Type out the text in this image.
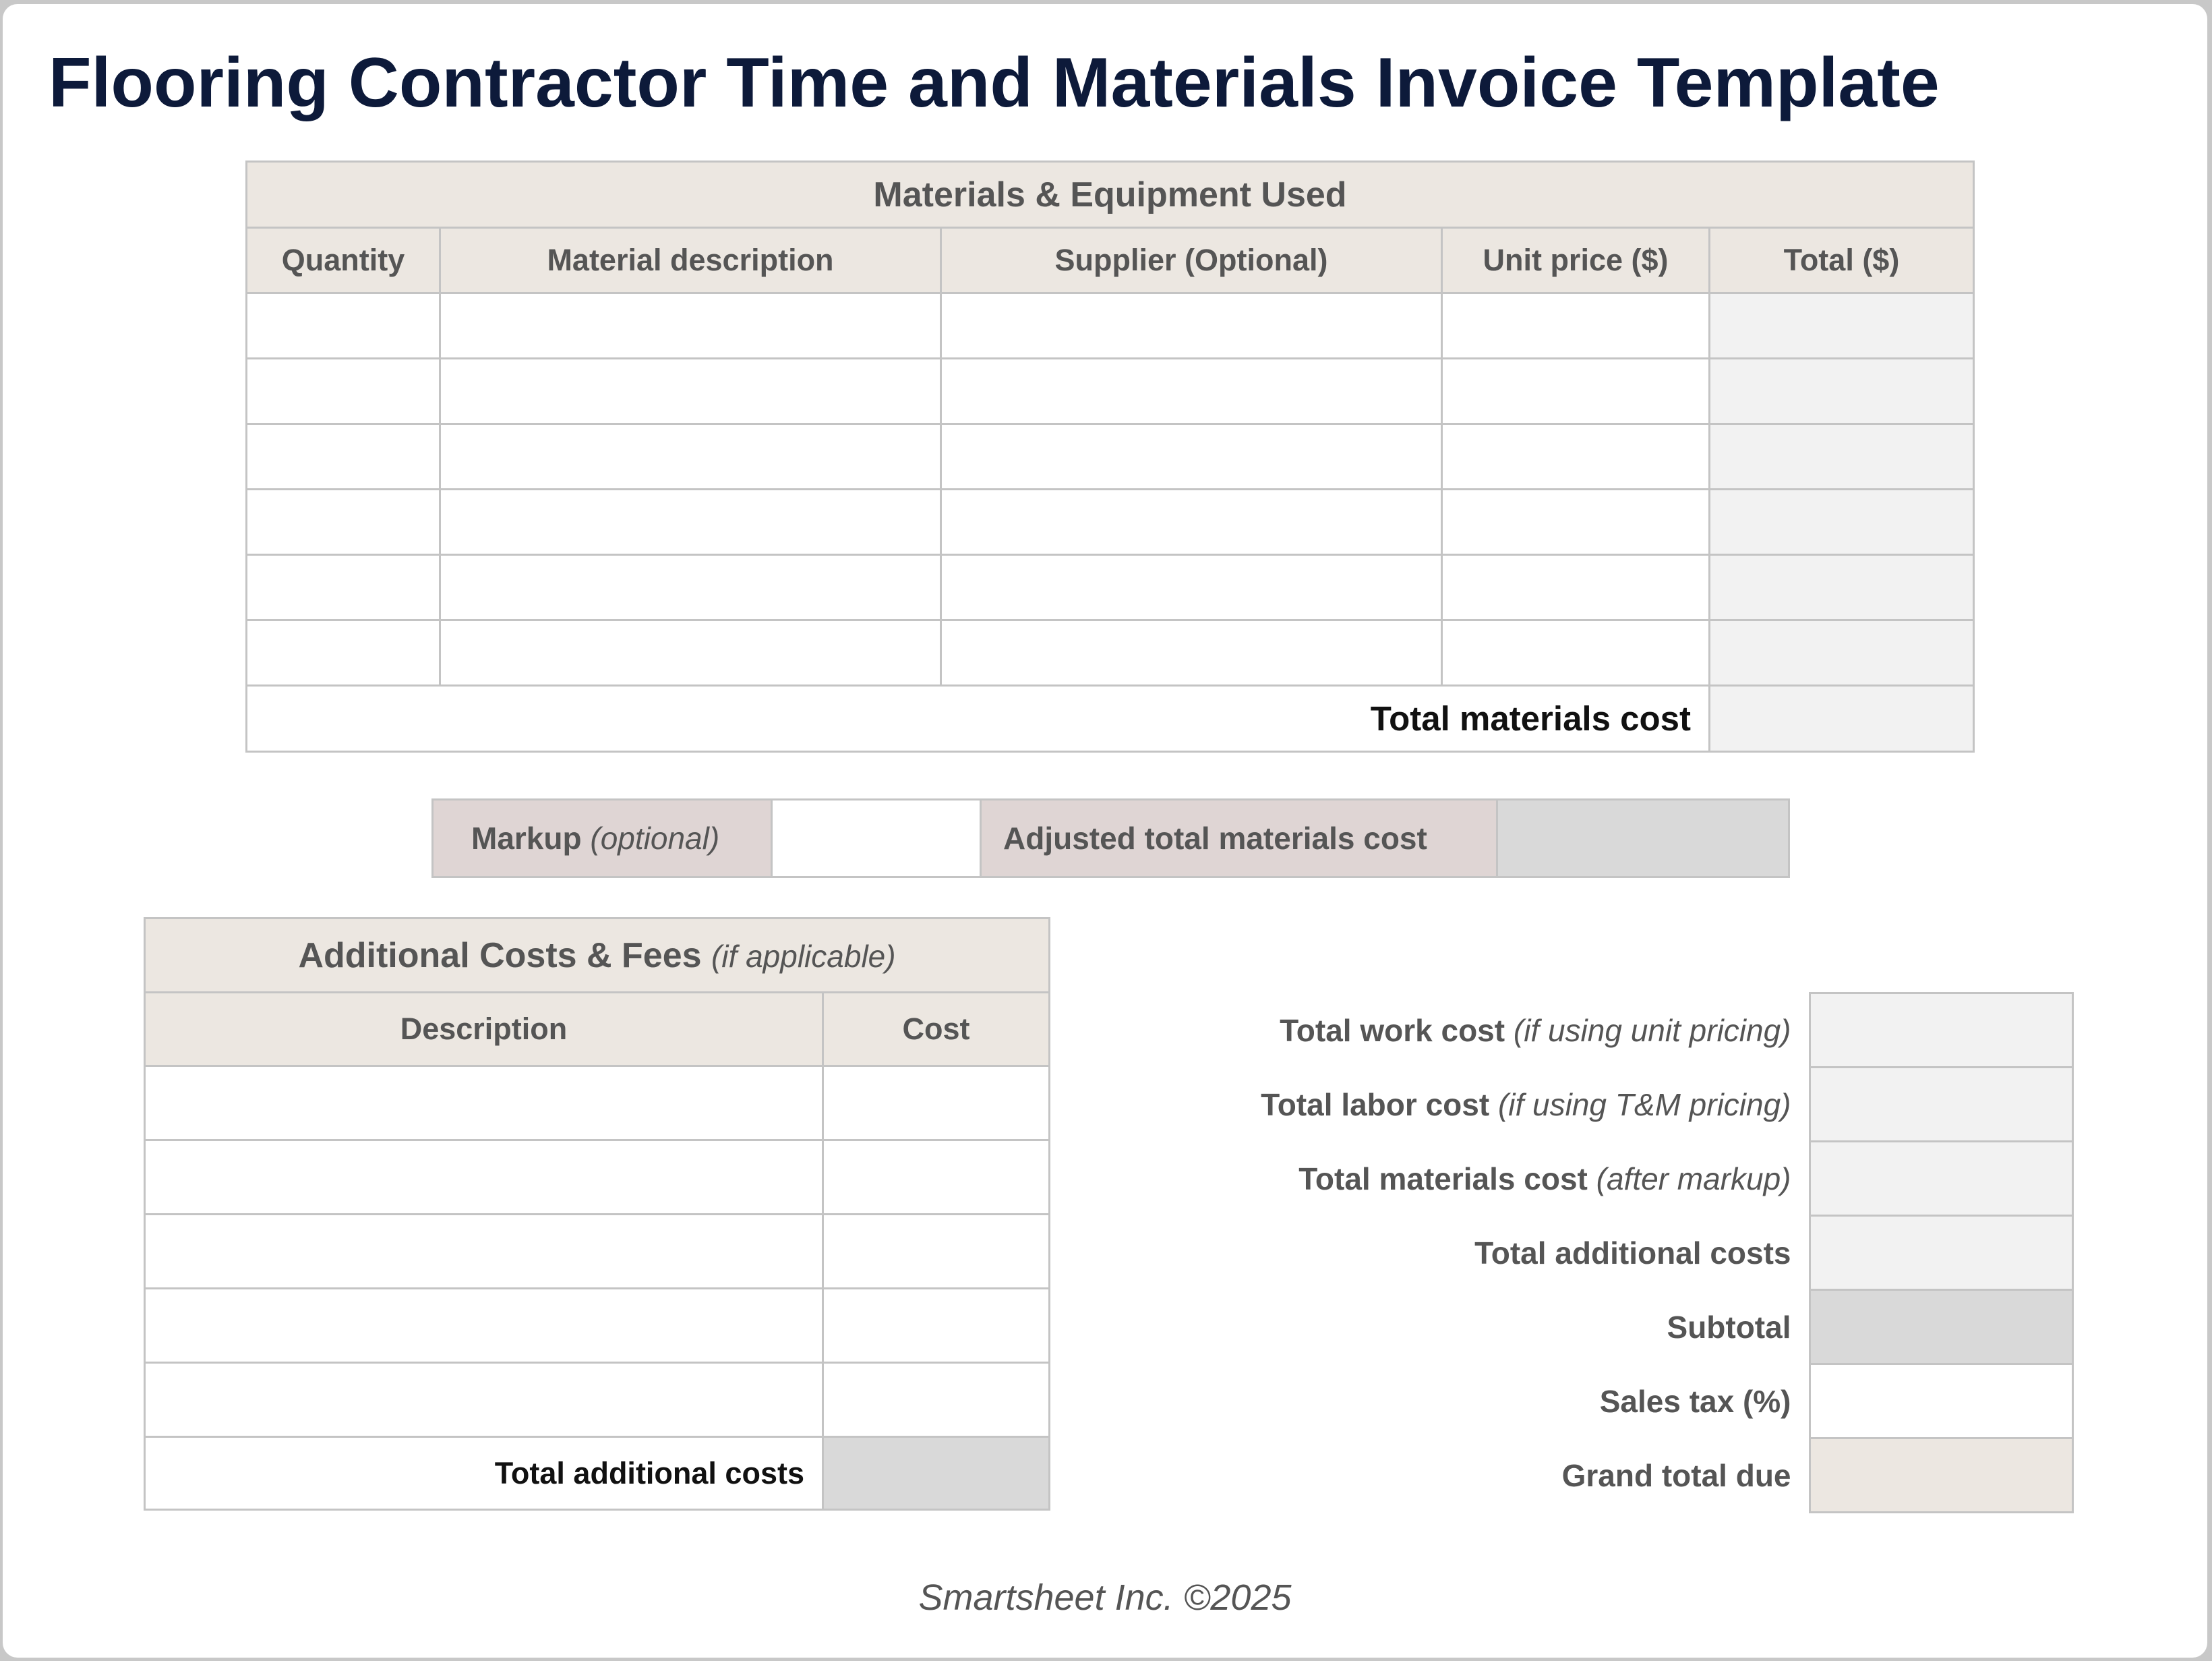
Flooring Contractor Time and Materials Invoice Template
Materials & Equipment Used				
Quantity	Material description	Supplier (Optional)	Unit price ($)	Total ($)

Total materials cost				
Markup (optional)		Adjusted total materials cost	
Additional Costs & Fees (if applicable)	
Description	Cost

Total additional costs	
Total work cost (if using unit pricing)	
Total labor cost (if using T&M pricing)	
Total materials cost (after markup)	
Total additional costs	
Subtotal	
Sales tax (%)	
Grand total due	
Smartsheet Inc. ©2025
